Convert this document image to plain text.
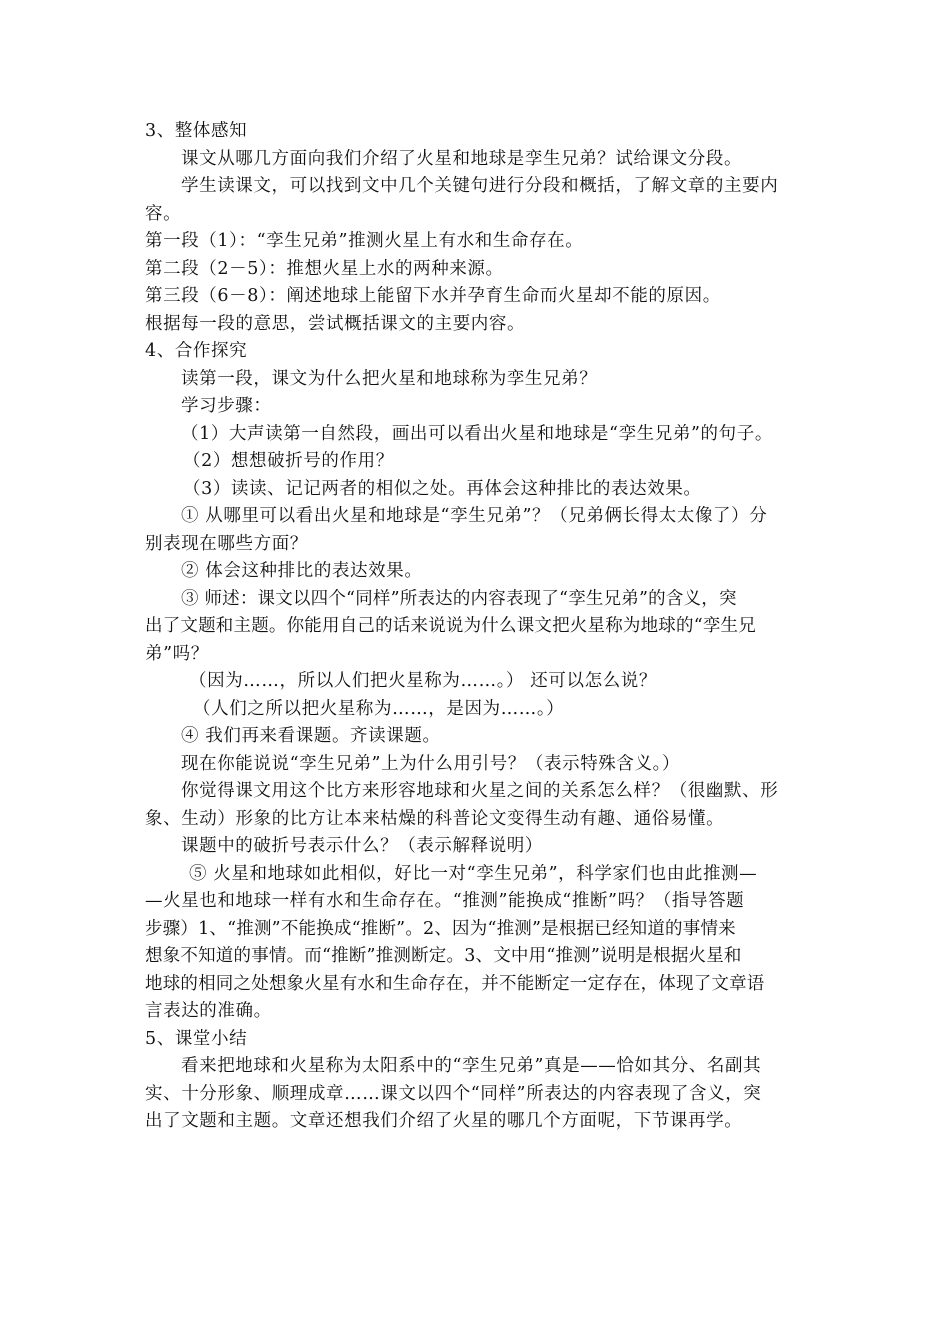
3、整体感知
课文从哪几方面向我们介绍了火星和地球是孪生兄弟？试给课文分段。
学生读课文，可以找到文中几个关键句进行分段和概括，了解文章的主要内
容。
第一段（1）：“孪生兄弟”推测火星上有水和生命存在。
第二段（2－5）：推想火星上水的两种来源。
第三段（6－8）：阐述地球上能留下水并孕育生命而火星却不能的原因。
根据每一段的意思，尝试概括课文的主要内容。
4、合作探究
读第一段，课文为什么把火星和地球称为孪生兄弟？
学习步骤：
（1）大声读第一自然段，画出可以看出火星和地球是“孪生兄弟”的句子。
（2）想想破折号的作用？
（3）读读、记记两者的相似之处。再体会这种排比的表达效果。
① 从哪里可以看出火星和地球是“孪生兄弟”？（兄弟俩长得太太像了）分
别表现在哪些方面？
② 体会这种排比的表达效果。
③ 师述：课文以四个“同样”所表达的内容表现了“孪生兄弟”的含义，突
出了文题和主题。你能用自己的话来说说为什么课文把火星称为地球的“孪生兄
弟”吗？
（因为……，所以人们把火星称为……。） 还可以怎么说？
（人们之所以把火星称为……，是因为……。）
④ 我们再来看课题。齐读课题。
现在你能说说“孪生兄弟”上为什么用引号？（表示特殊含义。）
你觉得课文用这个比方来形容地球和火星之间的关系怎么样？（很幽默、形
象、生动）形象的比方让本来枯燥的科普论文变得生动有趣、通俗易懂。
课题中的破折号表示什么？（表示解释说明）
⑤ 火星和地球如此相似，好比一对“孪生兄弟”，科学家们也由此推测—
—火星也和地球一样有水和生命存在。“推测”能换成“推断”吗？（指导答题
步骤）1、“推测”不能换成“推断”。2、因为“推测”是根据已经知道的事情来
想象不知道的事情。而“推断”推测断定。3、文中用“推测”说明是根据火星和
地球的相同之处想象火星有水和生命存在，并不能断定一定存在，体现了文章语
言表达的准确。
5、课堂小结
看来把地球和火星称为太阳系中的“孪生兄弟”真是——恰如其分、名副其
实、十分形象、顺理成章……课文以四个“同样”所表达的内容表现了含义，突
出了文题和主题。文章还想我们介绍了火星的哪几个方面呢，下节课再学。
